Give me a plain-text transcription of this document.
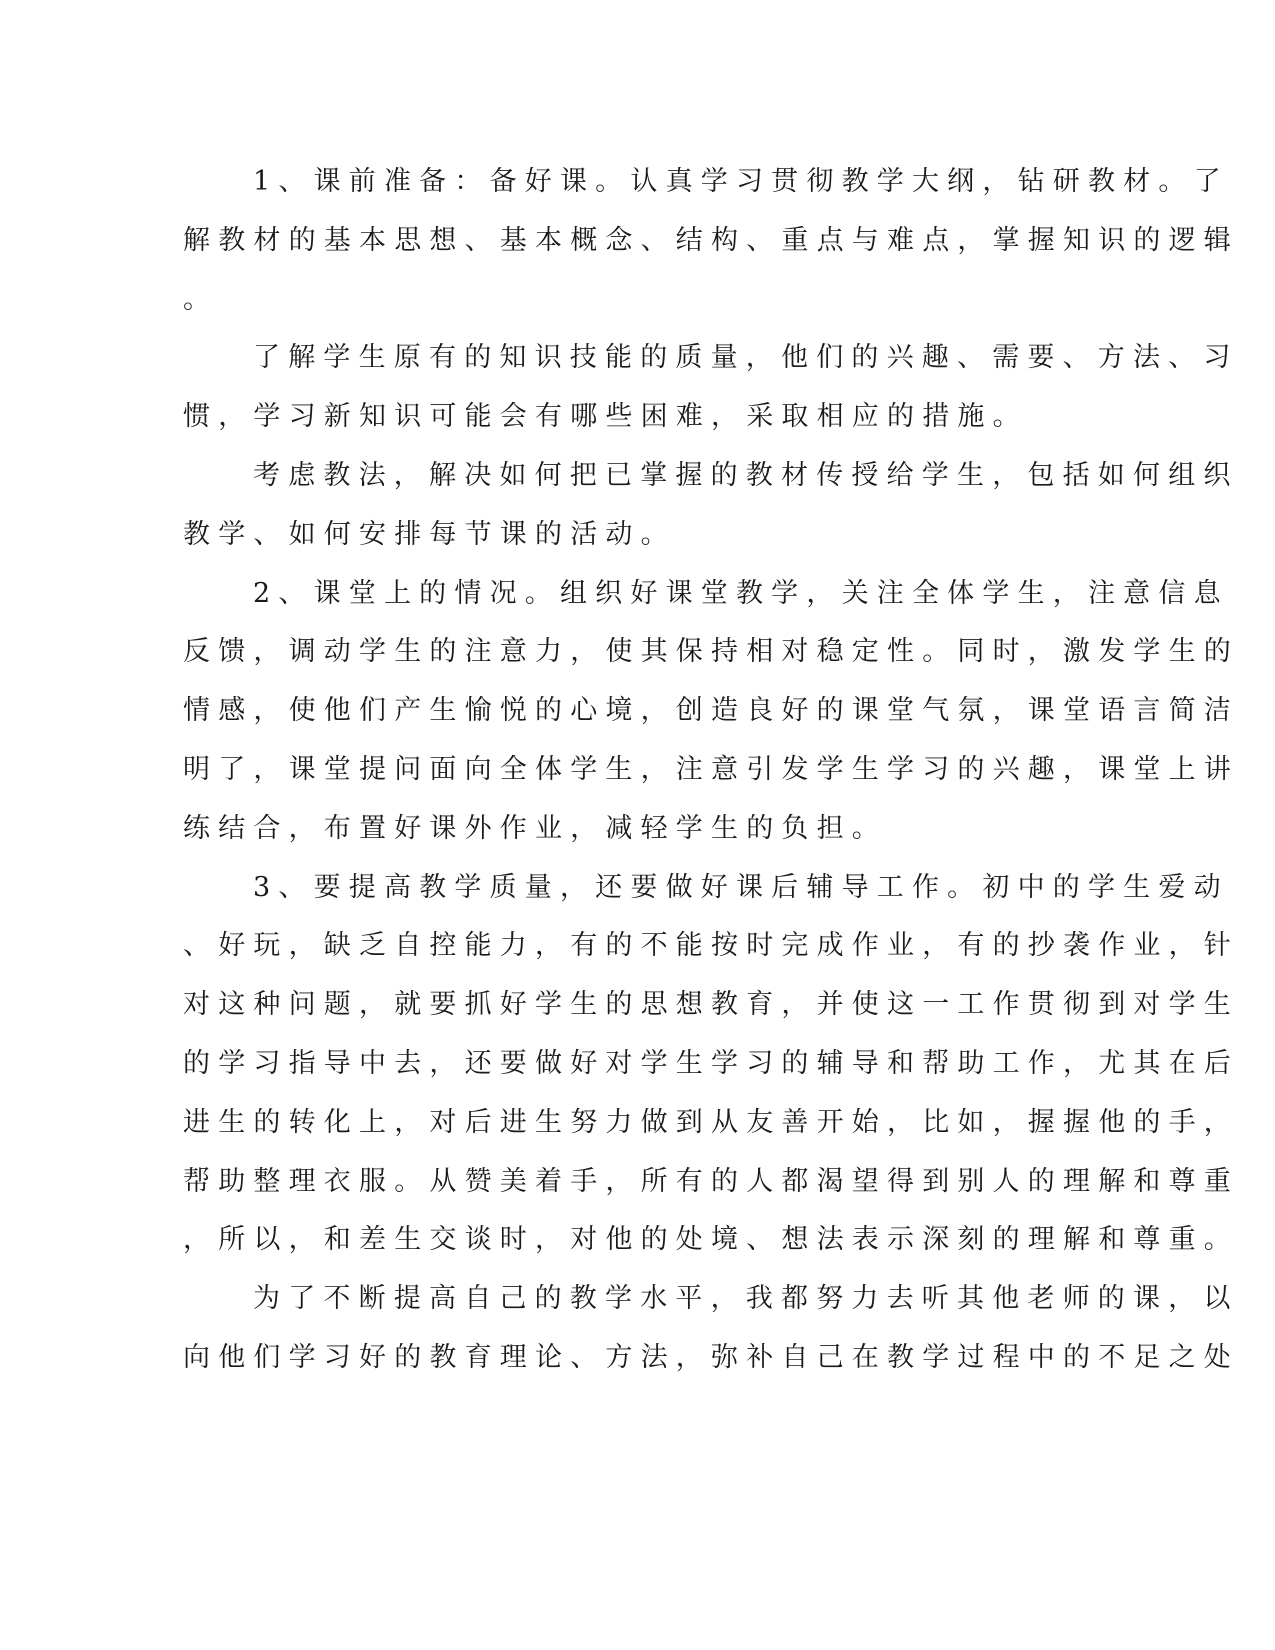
1、课前准备：备好课。认真学习贯彻教学大纲，钻研教材。了
解教材的基本思想、基本概念、结构、重点与难点，掌握知识的逻辑
。
了解学生原有的知识技能的质量，他们的兴趣、需要、方法、习
惯，学习新知识可能会有哪些困难，采取相应的措施。
考虑教法，解决如何把已掌握的教材传授给学生，包括如何组织
教学、如何安排每节课的活动。
2、课堂上的情况。组织好课堂教学，关注全体学生，注意信息
反馈，调动学生的注意力，使其保持相对稳定性。同时，激发学生的
情感，使他们产生愉悦的心境，创造良好的课堂气氛，课堂语言简洁
明了，课堂提问面向全体学生，注意引发学生学习的兴趣，课堂上讲
练结合，布置好课外作业，减轻学生的负担。
3、要提高教学质量，还要做好课后辅导工作。初中的学生爱动
、好玩，缺乏自控能力，有的不能按时完成作业，有的抄袭作业，针
对这种问题，就要抓好学生的思想教育，并使这一工作贯彻到对学生
的学习指导中去，还要做好对学生学习的辅导和帮助工作，尤其在后
进生的转化上，对后进生努力做到从友善开始，比如，握握他的手，
帮助整理衣服。从赞美着手，所有的人都渴望得到别人的理解和尊重
，所以，和差生交谈时，对他的处境、想法表示深刻的理解和尊重。
为了不断提高自己的教学水平，我都努力去听其他老师的课，以
向他们学习好的教育理论、方法，弥补自己在教学过程中的不足之处
